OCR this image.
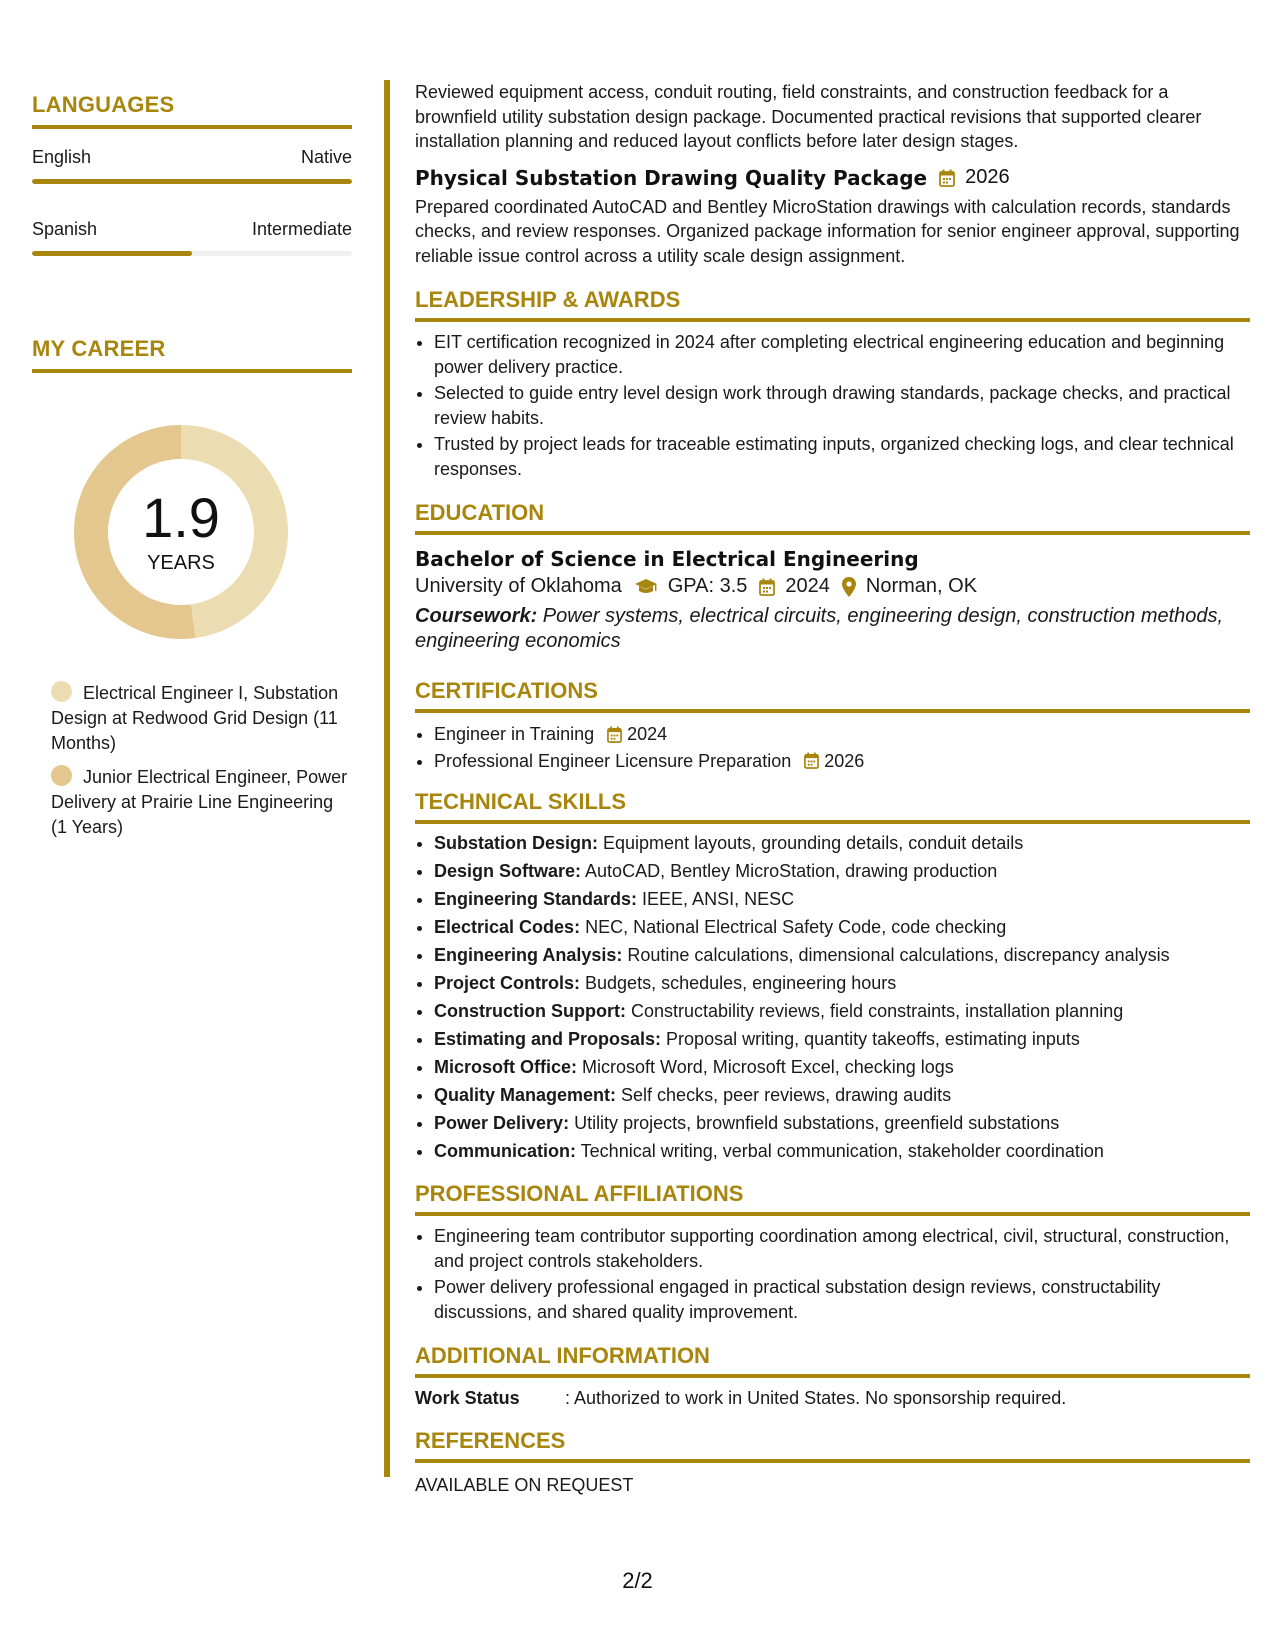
LANGUAGES
English	Native
Spanish	Intermediate
MY CAREER
1.9
YEARS
Electrical Engineer I, Substation Design at Redwood Grid Design (11 Months)
Junior Electrical Engineer, Power Delivery at Prairie Line Engineering (1 Years)

Reviewed equipment access, conduit routing, field constraints, and construction feedback for a brownfield utility substation design package. Documented practical revisions that supported clearer installation planning and reduced layout conflicts before later design stages.

Physical Substation Drawing Quality Package 2026

Prepared coordinated AutoCAD and Bentley MicroStation drawings with calculation records, standards checks, and review responses. Organized package information for senior engineer approval, supporting reliable issue control across a utility scale design assignment.

LEADERSHIP & AWARDS
• EIT certification recognized in 2024 after completing electrical engineering education and beginning power delivery practice.
• Selected to guide entry level design work through drawing standards, package checks, and practical review habits.
• Trusted by project leads for traceable estimating inputs, organized checking logs, and clear technical responses.
EDUCATION
Bachelor of Science in Electrical Engineering
University of Oklahoma GPA: 3.5 2024 Norman, OK

Coursework: Power systems, electrical circuits, engineering design, construction methods, engineering economics

CERTIFICATIONS
• Engineer in Training 2024
• Professional Engineer Licensure Preparation 2026
TECHNICAL SKILLS
• Substation Design: Equipment layouts, grounding details, conduit details
• Design Software: AutoCAD, Bentley MicroStation, drawing production
• Engineering Standards: IEEE, ANSI, NESC
• Electrical Codes: NEC, National Electrical Safety Code, code checking
• Engineering Analysis: Routine calculations, dimensional calculations, discrepancy analysis
• Project Controls: Budgets, schedules, engineering hours
• Construction Support: Constructability reviews, field constraints, installation planning
• Estimating and Proposals: Proposal writing, quantity takeoffs, estimating inputs
• Microsoft Office: Microsoft Word, Microsoft Excel, checking logs
• Quality Management: Self checks, peer reviews, drawing audits
• Power Delivery: Utility projects, brownfield substations, greenfield substations
• Communication: Technical writing, verbal communication, stakeholder coordination
PROFESSIONAL AFFILIATIONS
• Engineering team contributor supporting coordination among electrical, civil, structural, construction, and project controls stakeholders.
• Power delivery professional engaged in practical substation design reviews, constructability discussions, and shared quality improvement.
ADDITIONAL INFORMATION
Work Status	: Authorized to work in United States. No sponsorship required.
REFERENCES
AVAILABLE ON REQUEST
2/2
